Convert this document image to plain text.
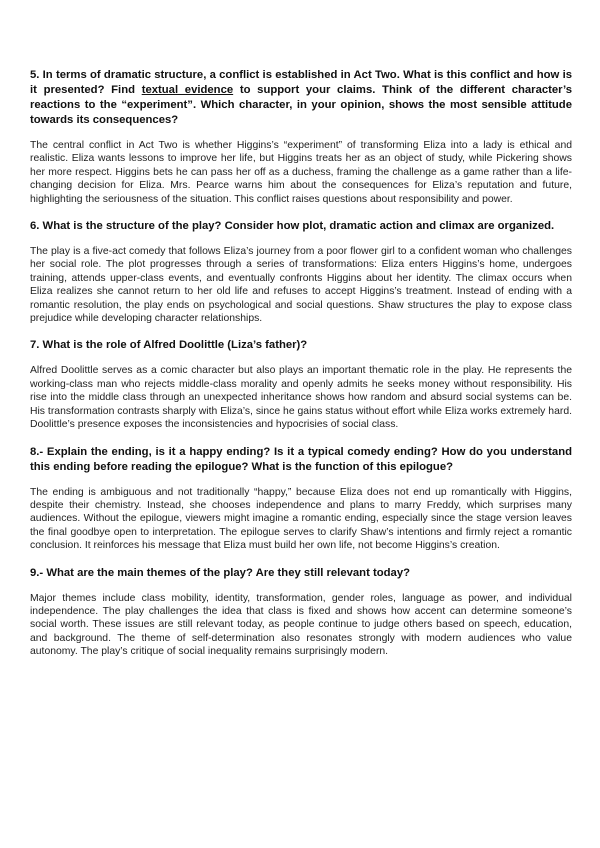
5. In terms of dramatic structure, a conflict is established in Act Two. What is this conflict and how is it presented? Find textual evidence to support your claims. Think of the different character’s reactions to the “experiment”. Which character, in your opinion, shows the most sensible attitude towards its consequences?

The central conflict in Act Two is whether Higgins’s “experiment” of transforming Eliza into a lady is ethical and realistic. Eliza wants lessons to improve her life, but Higgins treats her as an object of study, while Pickering shows her more respect. Higgins bets he can pass her off as a duchess, framing the challenge as a game rather than a life-changing decision for Eliza. Mrs. Pearce warns him about the consequences for Eliza’s reputation and future, highlighting the seriousness of the situation. This conflict raises questions about responsibility and power.

6. What is the structure of the play? Consider how plot, dramatic action and climax are organized.

The play is a five-act comedy that follows Eliza’s journey from a poor flower girl to a confident woman who challenges her social role. The plot progresses through a series of transformations: Eliza enters Higgins’s home, undergoes training, attends upper-class events, and eventually confronts Higgins about her identity. The climax occurs when Eliza realizes she cannot return to her old life and refuses to accept Higgins’s treatment. Instead of ending with a romantic resolution, the play ends on psychological and social questions. Shaw structures the play to expose class prejudice while developing character relationships.

7. What is the role of Alfred Doolittle (Liza’s father)?

Alfred Doolittle serves as a comic character but also plays an important thematic role in the play. He represents the working-class man who rejects middle-class morality and openly admits he seeks money without responsibility. His rise into the middle class through an unexpected inheritance shows how random and absurd social systems can be. His transformation contrasts sharply with Eliza’s, since he gains status without effort while Eliza works extremely hard. Doolittle’s presence exposes the inconsistencies and hypocrisies of social class.

8.- Explain the ending, is it a happy ending? Is it a typical comedy ending? How do you understand this ending before reading the epilogue? What is the function of this epilogue?

The ending is ambiguous and not traditionally “happy,” because Eliza does not end up romantically with Higgins, despite their chemistry. Instead, she chooses independence and plans to marry Freddy, which surprises many audiences. Without the epilogue, viewers might imagine a romantic ending, especially since the stage version leaves the final goodbye open to interpretation. The epilogue serves to clarify Shaw’s intentions and firmly reject a romantic conclusion. It reinforces his message that Eliza must build her own life, not become Higgins’s creation.

9.- What are the main themes of the play? Are they still relevant today?

Major themes include class mobility, identity, transformation, gender roles, language as power, and individual independence. The play challenges the idea that class is fixed and shows how accent can determine someone’s social worth. These issues are still relevant today, as people continue to judge others based on speech, education, and background. The theme of self-determination also resonates strongly with modern audiences who value autonomy. The play’s critique of social inequality remains surprisingly modern.
